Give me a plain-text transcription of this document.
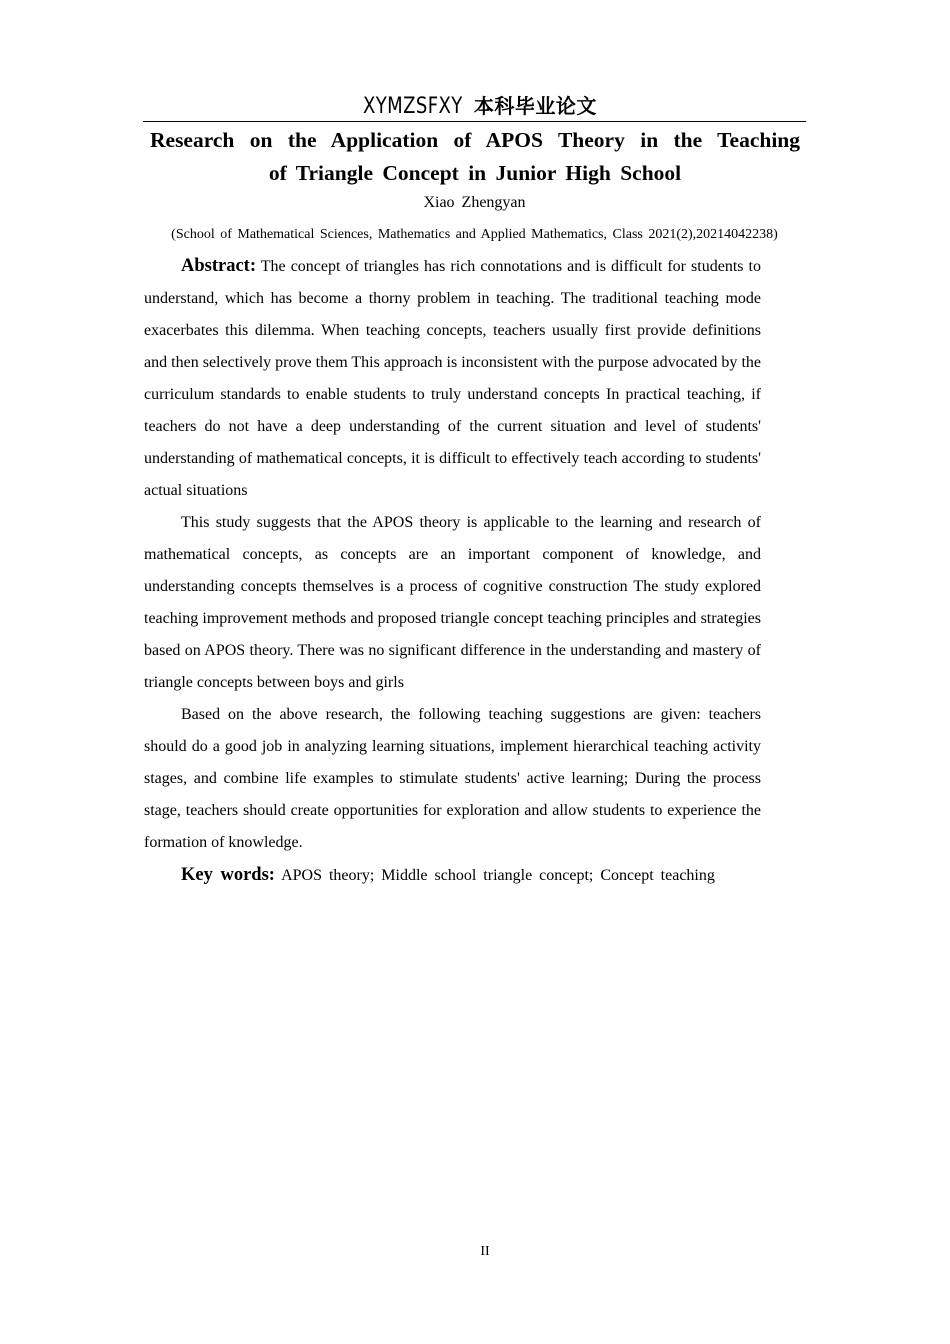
XYMZSFXY 本科毕业论文
Research on the Application of APOS Theory in the Teaching
of Triangle Concept in Junior High School
Xiao Zhengyan
(School of Mathematical Sciences, Mathematics and Applied Mathematics, Class 2021(2),20214042238)

Abstract: The concept of triangles has rich connotations and is difficult for students to understand, which has become a thorny problem in teaching. The traditional teaching mode exacerbates this dilemma. When teaching concepts, teachers usually first provide definitions and then selectively prove them This approach is inconsistent with the purpose advocated by the curriculum standards to enable students to truly understand concepts In practical teaching, if teachers do not have a deep understanding of the current situation and level of students' understanding of mathematical concepts, it is difficult to effectively teach according to students' actual situations

This study suggests that the APOS theory is applicable to the learning and research of mathematical concepts, as concepts are an important component of knowledge, and understanding concepts themselves is a process of cognitive construction The study explored teaching improvement methods and proposed triangle concept teaching principles and strategies based on APOS theory. There was no significant difference in the understanding and mastery of triangle concepts between boys and girls

Based on the above research, the following teaching suggestions are given: teachers should do a good job in analyzing learning situations, implement hierarchical teaching activity stages, and combine life examples to stimulate students' active learning; During the process stage, teachers should create opportunities for exploration and allow students to experience the formation of knowledge.

Key words: APOS theory; Middle school triangle concept; Concept teaching

II
